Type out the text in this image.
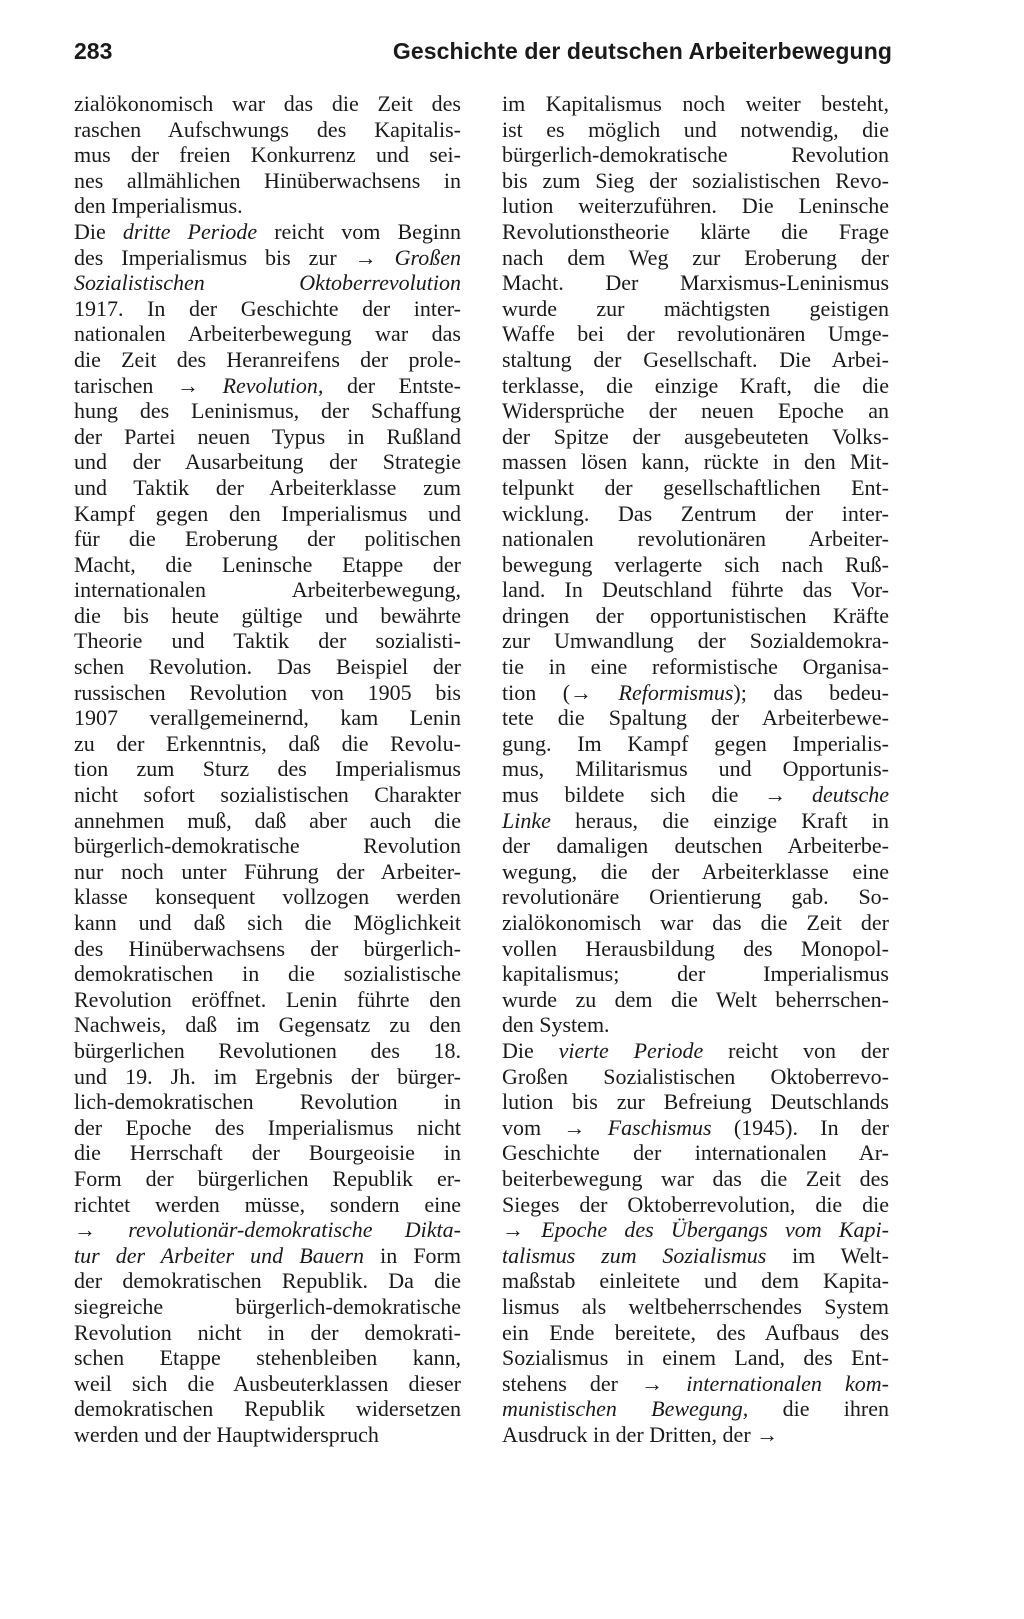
283	Geschichte der deutschen Arbeiterbewegung
zialökonomisch war das die Zeit des
raschen Aufschwungs des Kapitalis-
mus der freien Konkurrenz und sei-
nes allmählichen Hinüberwachsens in
den Imperialismus.
Die dritte Periode reicht vom Beginn
des Imperialismus bis zur → Großen
Sozialistischen Oktoberrevolution
1917. In der Geschichte der inter-
nationalen Arbeiterbewegung war das
die Zeit des Heranreifens der prole-
tarischen → Revolution, der Entste-
hung des Leninismus, der Schaffung
der Partei neuen Typus in Rußland
und der Ausarbeitung der Strategie
und Taktik der Arbeiterklasse zum
Kampf gegen den Imperialismus und
für die Eroberung der politischen
Macht, die Leninsche Etappe der
internationalen Arbeiterbewegung,
die bis heute gültige und bewährte
Theorie und Taktik der sozialisti-
schen Revolution. Das Beispiel der
russischen Revolution von 1905 bis
1907 verallgemeinernd, kam Lenin
zu der Erkenntnis, daß die Revolu-
tion zum Sturz des Imperialismus
nicht sofort sozialistischen Charakter
annehmen muß, daß aber auch die
bürgerlich-demokratische Revolution
nur noch unter Führung der Arbeiter-
klasse konsequent vollzogen werden
kann und daß sich die Möglichkeit
des Hinüberwachsens der bürgerlich-
demokratischen in die sozialistische
Revolution eröffnet. Lenin führte den
Nachweis, daß im Gegensatz zu den
bürgerlichen Revolutionen des 18.
und 19. Jh. im Ergebnis der bürger-
lich-demokratischen Revolution in
der Epoche des Imperialismus nicht
die Herrschaft der Bourgeoisie in
Form der bürgerlichen Republik er-
richtet werden müsse, sondern eine
→ revolutionär-demokratische Dikta-
tur der Arbeiter und Bauern in Form
der demokratischen Republik. Da die
siegreiche bürgerlich-demokratische
Revolution nicht in der demokrati-
schen Etappe stehenbleiben kann,
weil sich die Ausbeuterklassen dieser
demokratischen Republik widersetzen
werden und der Hauptwiderspruch
im Kapitalismus noch weiter besteht,
ist es möglich und notwendig, die
bürgerlich-demokratische Revolution
bis zum Sieg der sozialistischen Revo-
lution weiterzuführen. Die Leninsche
Revolutionstheorie klärte die Frage
nach dem Weg zur Eroberung der
Macht. Der Marxismus-Leninismus
wurde zur mächtigsten geistigen
Waffe bei der revolutionären Umge-
staltung der Gesellschaft. Die Arbei-
terklasse, die einzige Kraft, die die
Widersprüche der neuen Epoche an
der Spitze der ausgebeuteten Volks-
massen lösen kann, rückte in den Mit-
telpunkt der gesellschaftlichen Ent-
wicklung. Das Zentrum der inter-
nationalen revolutionären Arbeiter-
bewegung verlagerte sich nach Ruß-
land. In Deutschland führte das Vor-
dringen der opportunistischen Kräfte
zur Umwandlung der Sozialdemokra-
tie in eine reformistische Organisa-
tion (→ Reformismus); das bedeu-
tete die Spaltung der Arbeiterbewe-
gung. Im Kampf gegen Imperialis-
mus, Militarismus und Opportunis-
mus bildete sich die → deutsche
Linke heraus, die einzige Kraft in
der damaligen deutschen Arbeiterbe-
wegung, die der Arbeiterklasse eine
revolutionäre Orientierung gab. So-
zialökonomisch war das die Zeit der
vollen Herausbildung des Monopol-
kapitalismus; der Imperialismus
wurde zu dem die Welt beherrschen-
den System.
Die vierte Periode reicht von der
Großen Sozialistischen Oktoberrevo-
lution bis zur Befreiung Deutschlands
vom → Faschismus (1945). In der
Geschichte der internationalen Ar-
beiterbewegung war das die Zeit des
Sieges der Oktoberrevolution, die die
→ Epoche des Übergangs vom Kapi-
talismus zum Sozialismus im Welt-
maßstab einleitete und dem Kapita-
lismus als weltbeherrschendes System
ein Ende bereitete, des Aufbaus des
Sozialismus in einem Land, des Ent-
stehens der → internationalen kom-
munistischen Bewegung, die ihren
Ausdruck in der Dritten, der →
